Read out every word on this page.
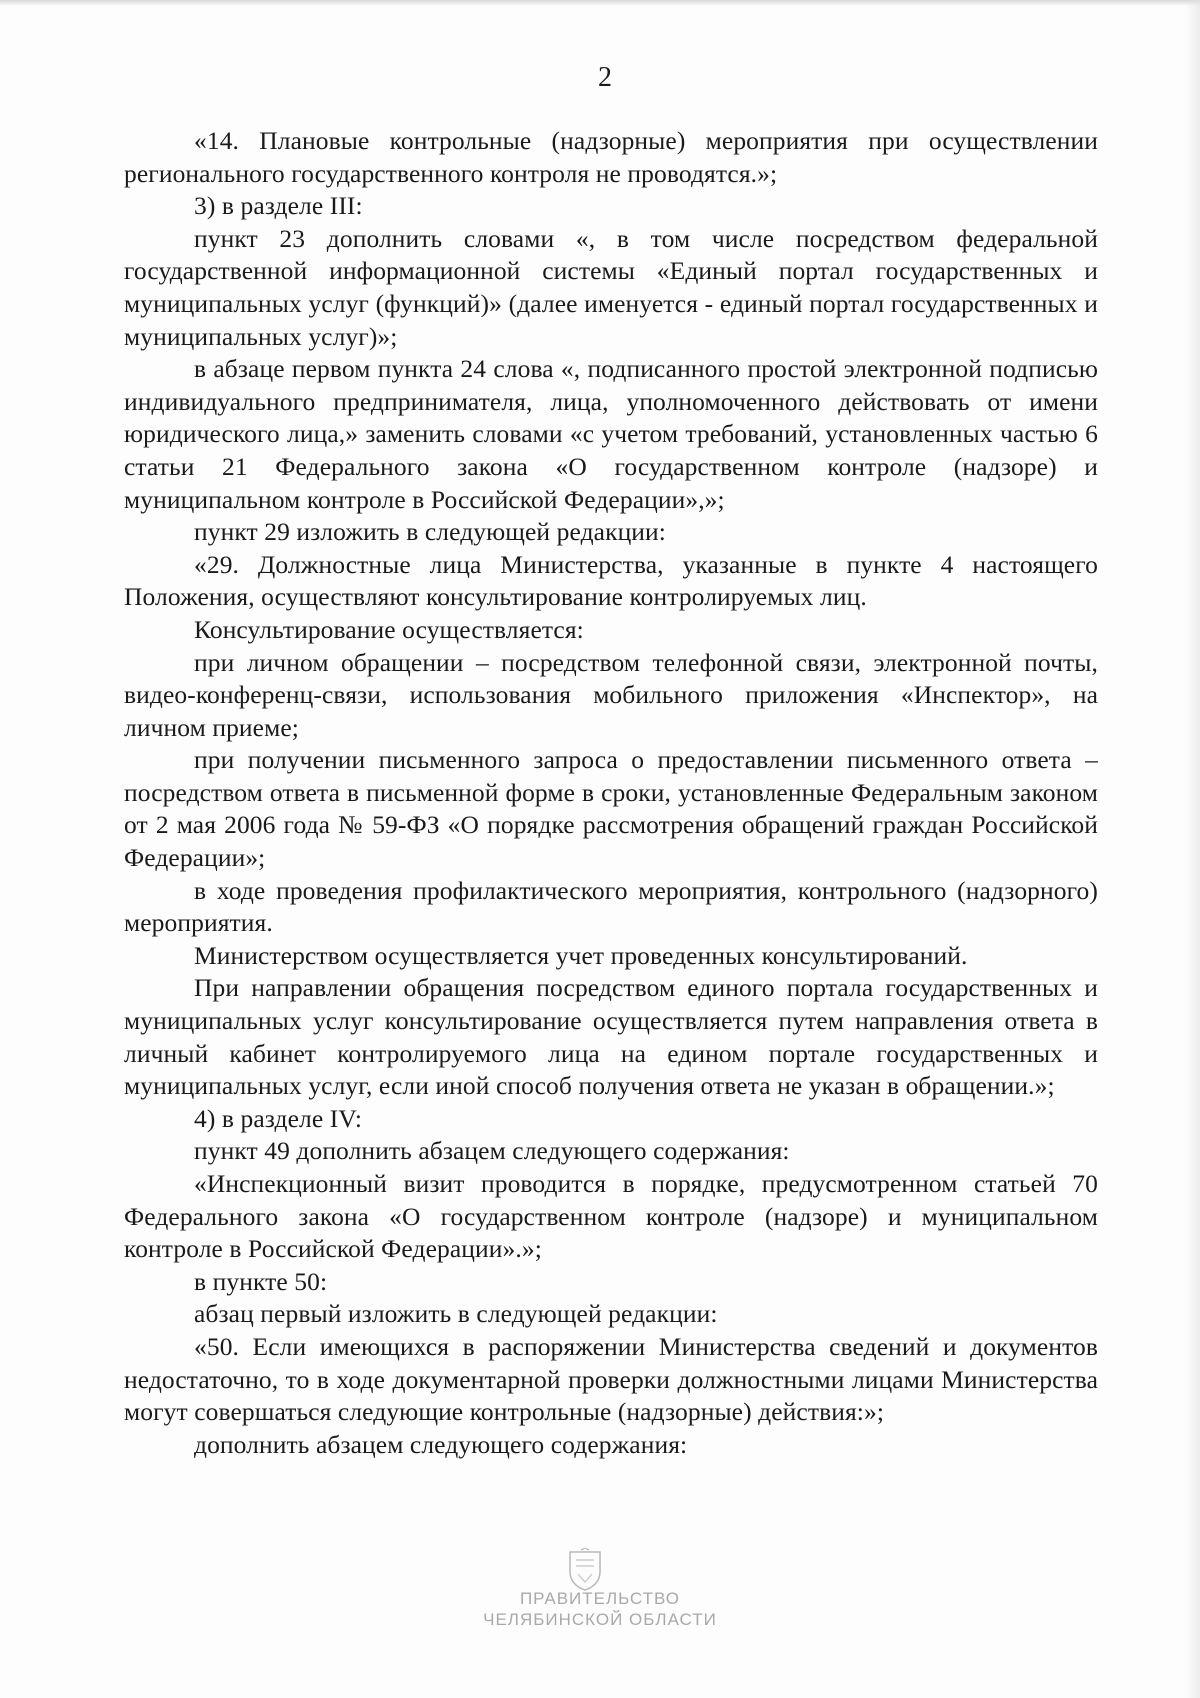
2

«14. Плановые контрольные (надзорные) мероприятия при осуществлении регионального государственного контроля не проводятся.»;

3) в разделе III:

пункт 23 дополнить словами «, в том числе посредством федеральной государственной информационной системы «Единый портал государственных и муниципальных услуг (функций)» (далее именуется - единый портал государственных и муниципальных услуг)»;

в абзаце первом пункта 24 слова «, подписанного простой электронной подписью индивидуального предпринимателя, лица, уполномоченного действовать от имени юридического лица,» заменить словами «с учетом требований, установленных частью 6 статьи 21 Федерального закона «О государственном контроле (надзоре) и муниципальном контроле в Российской Федерации»,»;

пункт 29 изложить в следующей редакции:

«29. Должностные лица Министерства, указанные в пункте 4 настоящего Положения, осуществляют консультирование контролируемых лиц.

Консультирование осуществляется:

при личном обращении – посредством телефонной связи, электронной почты, видео-конференц-связи, использования мобильного приложения «Инспектор», на личном приеме;

при получении письменного запроса о предоставлении письменного ответа – посредством ответа в письменной форме в сроки, установленные Федеральным законом от 2 мая 2006 года № 59-ФЗ «О порядке рассмотрения обращений граждан Российской Федерации»;

в ходе проведения профилактического мероприятия, контрольного (надзорного) мероприятия.

Министерством осуществляется учет проведенных консультирований.

При направлении обращения посредством единого портала государственных и муниципальных услуг консультирование осуществляется путем направления ответа в личный кабинет контролируемого лица на едином портале государственных и муниципальных услуг, если иной способ получения ответа не указан в обращении.»;

4) в разделе IV:

пункт 49 дополнить абзацем следующего содержания:

«Инспекционный визит проводится в порядке, предусмотренном статьей 70 Федерального закона «О государственном контроле (надзоре) и муниципальном контроле в Российской Федерации».»;

в пункте 50:

абзац первый изложить в следующей редакции:

«50. Если имеющихся в распоряжении Министерства сведений и документов недостаточно, то в ходе документарной проверки должностными лицами Министерства могут совершаться следующие контрольные (надзорные) действия:»;

дополнить абзацем следующего содержания:

ПРАВИТЕЛЬСТВО
ЧЕЛЯБИНСКОЙ ОБЛАСТИ
